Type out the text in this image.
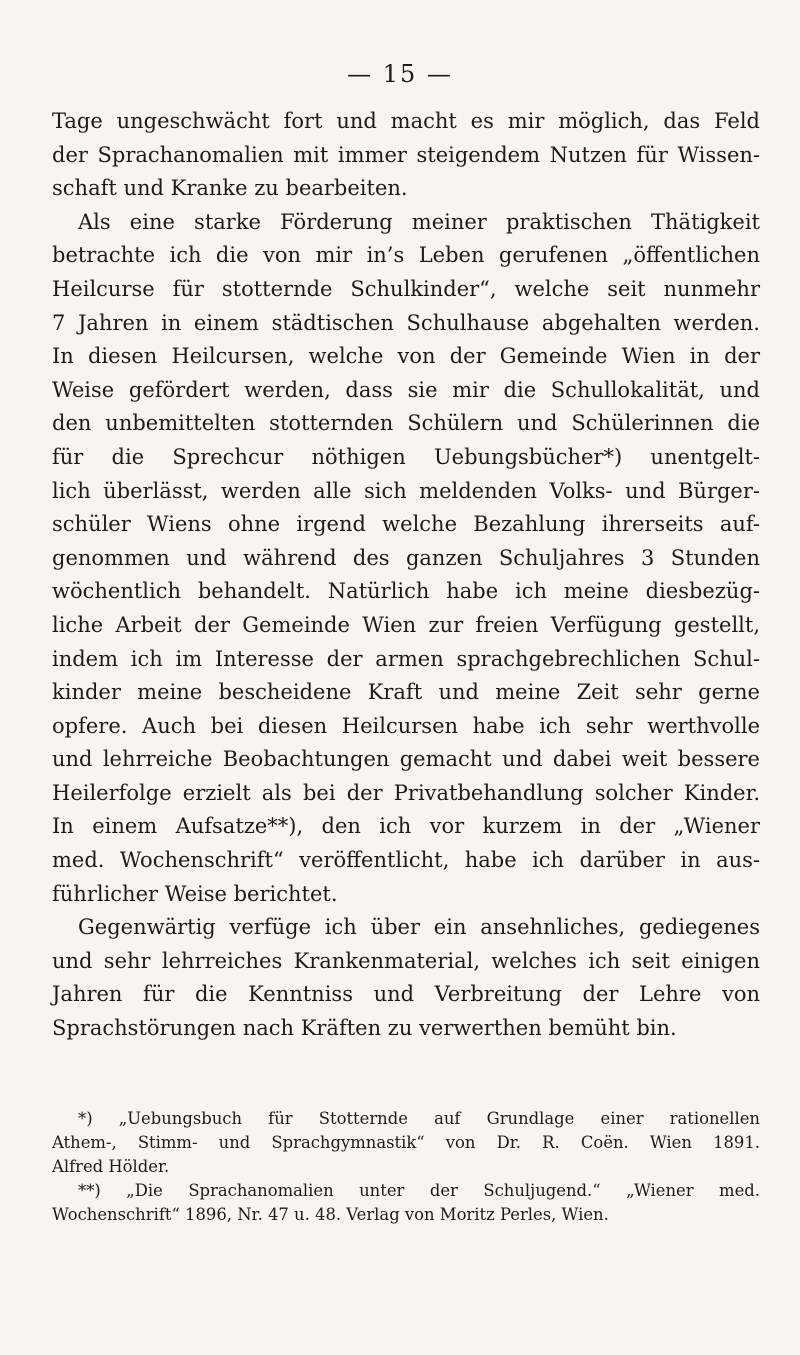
— 15 —
Tage ungeschwächt fort und macht es mir möglich, das Feld
der Sprachanomalien mit immer steigendem Nutzen für Wissen-
schaft und Kranke zu bearbeiten.
Als eine starke Förderung meiner praktischen Thätigkeit
betrachte ich die von mir in’s Leben gerufenen „öffentlichen
Heilcurse für stotternde Schulkinder“, welche seit nunmehr
7 Jahren in einem städtischen Schulhause abgehalten werden.
In diesen Heilcursen, welche von der Gemeinde Wien in der
Weise gefördert werden, dass sie mir die Schullokalität, und
den unbemittelten stotternden Schülern und Schülerinnen die
für die Sprechcur nöthigen Uebungsbücher*) unentgelt-
lich überlässt, werden alle sich meldenden Volks- und Bürger-
schüler Wiens ohne irgend welche Bezahlung ihrerseits auf-
genommen und während des ganzen Schuljahres 3 Stunden
wöchentlich behandelt. Natürlich habe ich meine diesbezüg-
liche Arbeit der Gemeinde Wien zur freien Verfügung gestellt,
indem ich im Interesse der armen sprachgebrechlichen Schul-
kinder meine bescheidene Kraft und meine Zeit sehr gerne
opfere. Auch bei diesen Heilcursen habe ich sehr werthvolle
und lehrreiche Beobachtungen gemacht und dabei weit bessere
Heilerfolge erzielt als bei der Privatbehandlung solcher Kinder.
In einem Aufsatze**), den ich vor kurzem in der „Wiener
med. Wochenschrift“ veröffentlicht, habe ich darüber in aus-
führlicher Weise berichtet.
Gegenwärtig verfüge ich über ein ansehnliches, gediegenes
und sehr lehrreiches Krankenmaterial, welches ich seit einigen
Jahren für die Kenntniss und Verbreitung der Lehre von
Sprachstörungen nach Kräften zu verwerthen bemüht bin.
*) „Uebungsbuch für Stotternde auf Grundlage einer rationellen
Athem-, Stimm- und Sprachgymnastik“ von Dr. R. Coën. Wien 1891.
Alfred Hölder.
**) „Die Sprachanomalien unter der Schuljugend.“ „Wiener med.
Wochenschrift“ 1896, Nr. 47 u. 48. Verlag von Moritz Perles, Wien.
